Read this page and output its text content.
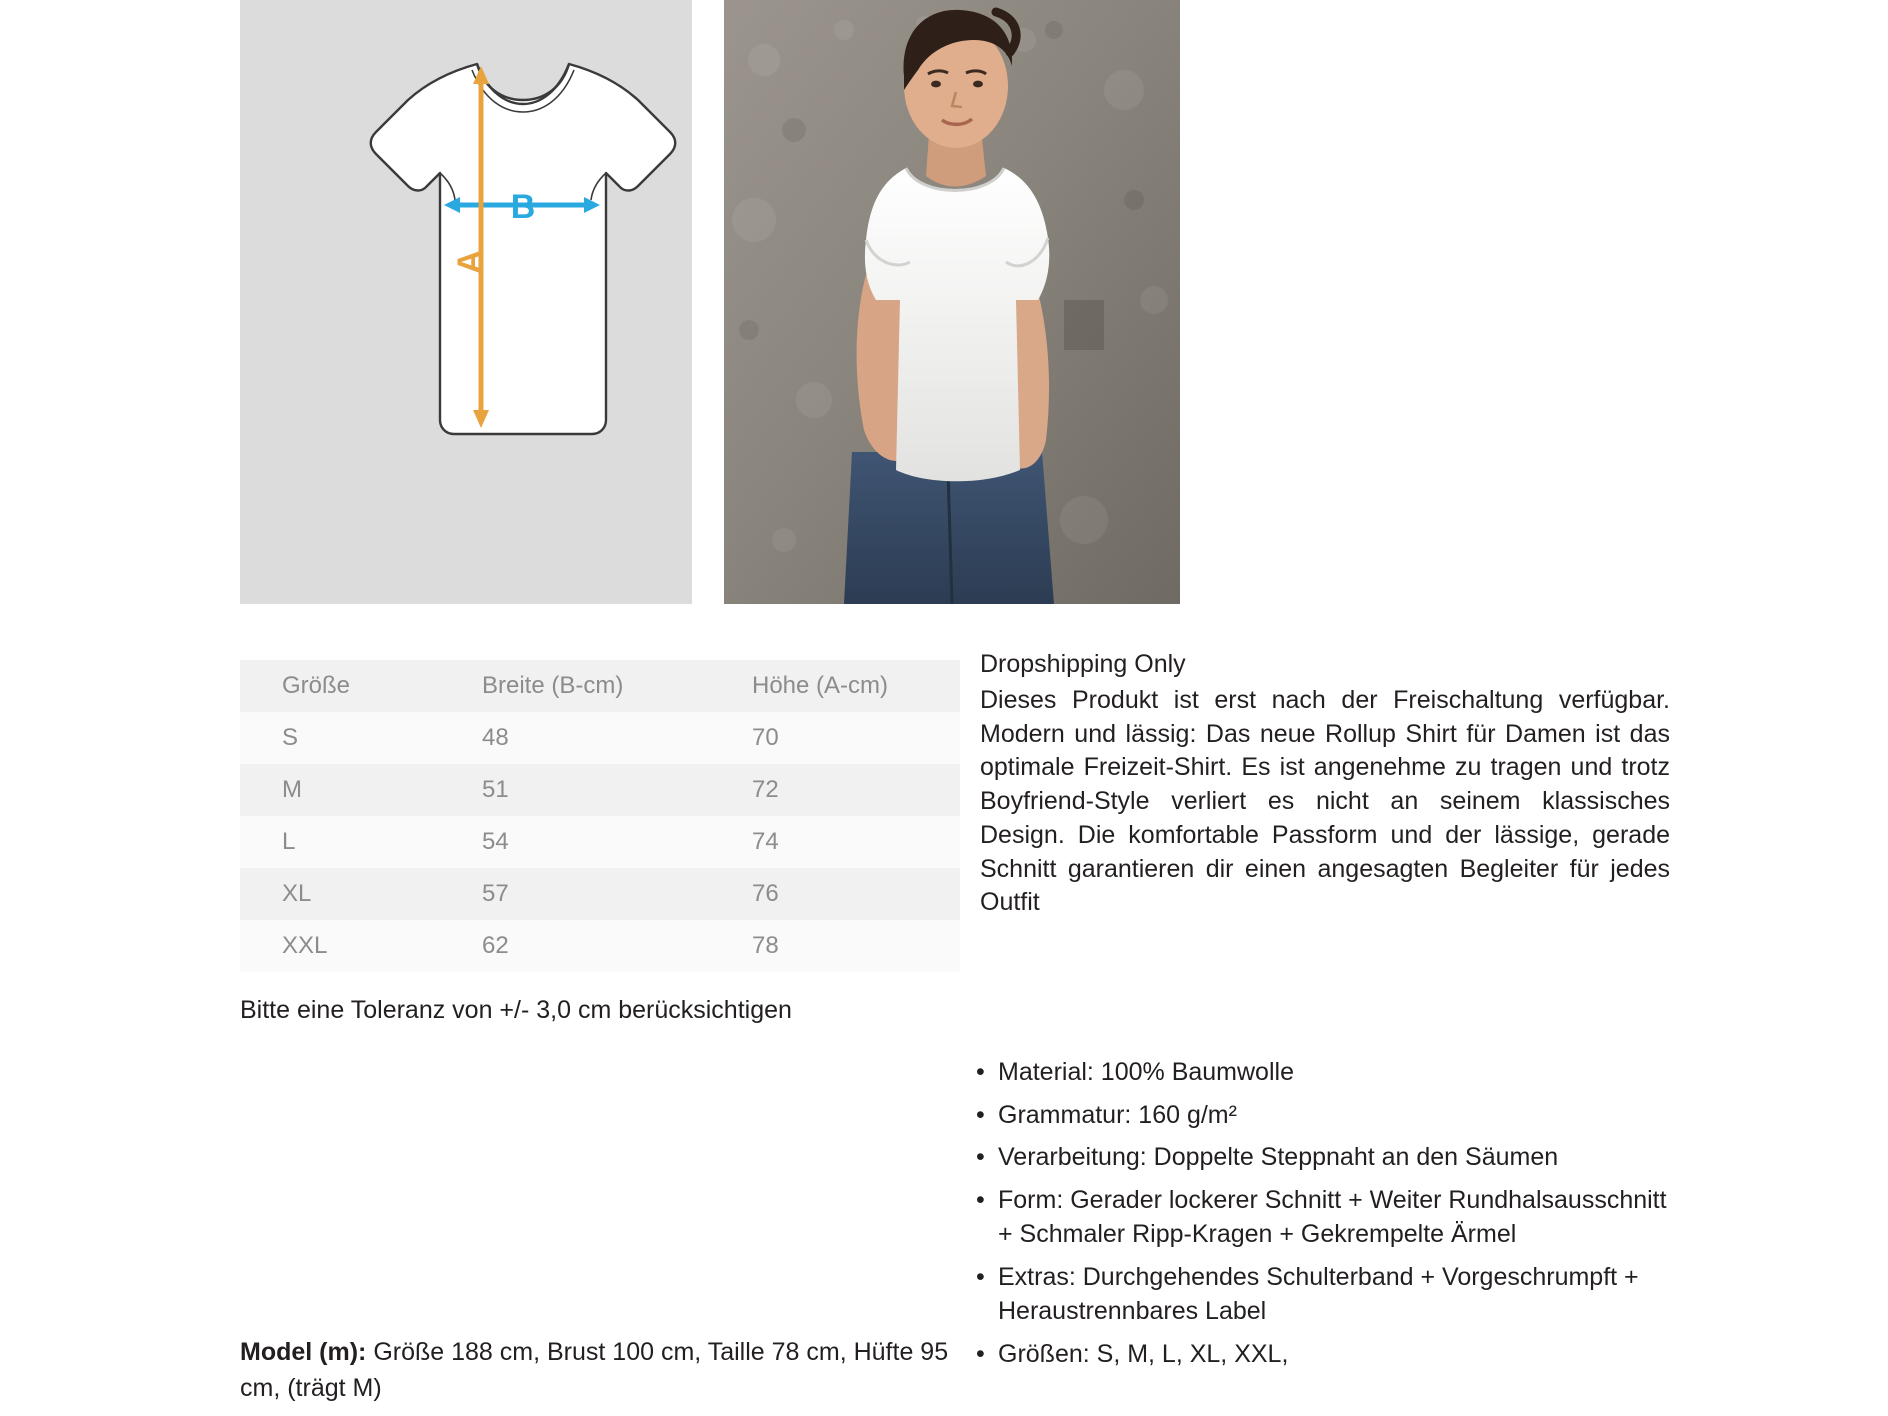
B
A
Größe	Breite (B-cm)	Höhe (A-cm)
S	48	70
M	51	72
L	54	74
XL	57	76
XXL	62	78
Bitte eine Toleranz von +/- 3,0 cm berücksichtigen
Model (m): Größe 188 cm, Brust 100 cm, Taille 78 cm, Hüfte 95 cm, (trägt M)
Dropshipping Only
Dieses Produkt ist erst nach der Freischaltung verfügbar. Modern und lässig: Das neue Rollup Shirt für Damen ist das optimale Freizeit-Shirt. Es ist angenehme zu tragen und trotz Boyfriend-Style verliert es nicht an seinem klassisches Design. Die komfortable Passform und der lässige, gerade Schnitt garantieren dir einen angesagten Begleiter für jedes Outfit
• Material: 100% Baumwolle
• Grammatur: 160 g/m²
• Verarbeitung: Doppelte Steppnaht an den Säumen
• Form: Gerader lockerer Schnitt + Weiter Rundhalsausschnitt + Schmaler Ripp-Kragen + Gekrempelte Ärmel
• Extras: Durchgehendes Schulterband + Vorgeschrumpft + Heraustrennbares Label
• Größen: S, M, L, XL, XXL,
